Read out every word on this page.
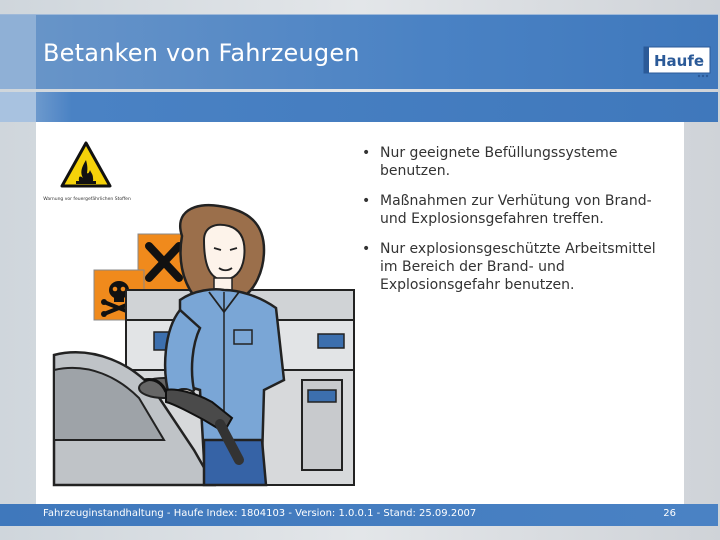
Betanken von Fahrzeugen	Haufe
Warnung vor feuergefährlichen Stoffen
• Nur geeignete Befüllungssysteme benutzen.
• Maßnahmen zur Verhütung von Brand- und Explosionsgefahren treffen.
• Nur explosionsgeschützte Arbeitsmittel im Bereich der Brand- und Explosionsgefahr benutzen.
Fahrzeuginstandhaltung - Haufe Index: 1804103 - Version: 1.0.0.1 - Stand: 25.09.2007	26
